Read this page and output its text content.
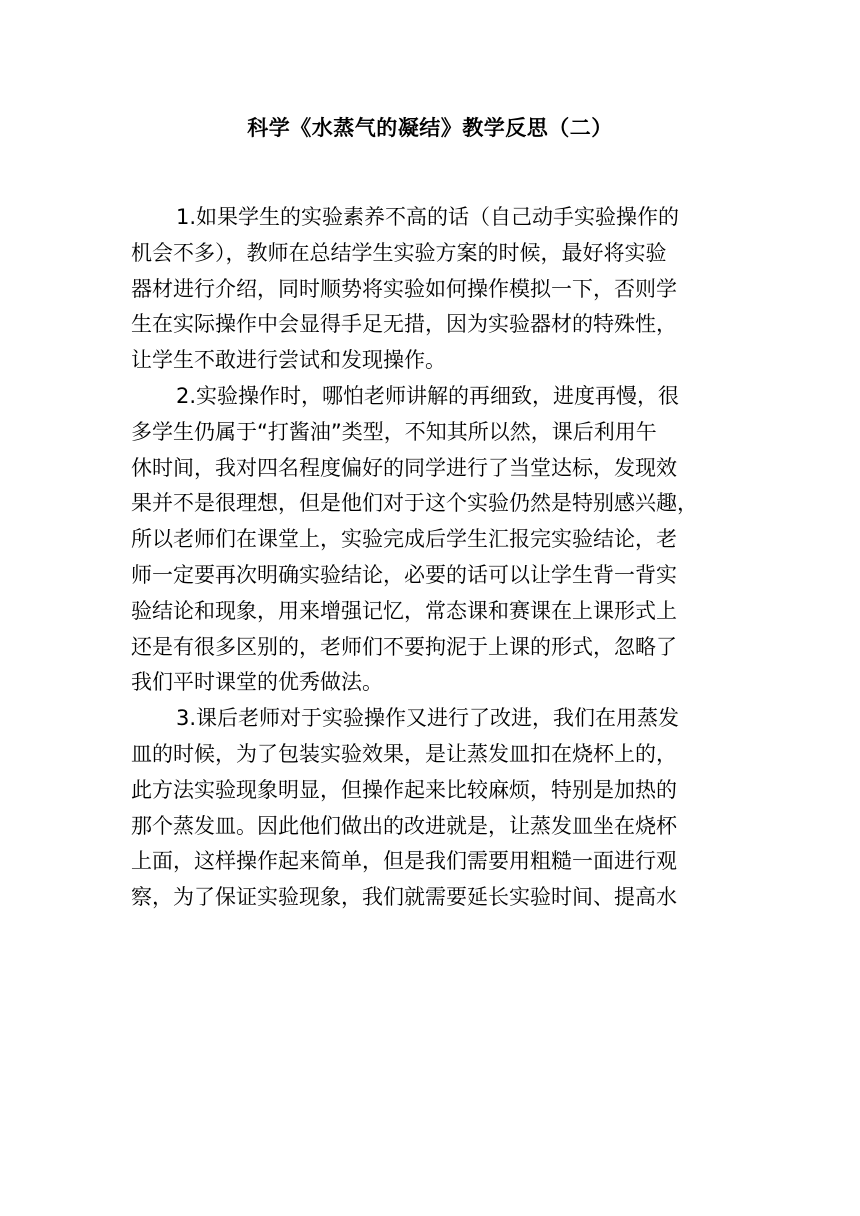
科学《水蒸气的凝结》教学反思（二）
1.如果学生的实验素养不高的话（自己动手实验操作的
机会不多），教师在总结学生实验方案的时候，最好将实验
器材进行介绍，同时顺势将实验如何操作模拟一下，否则学
生在实际操作中会显得手足无措，因为实验器材的特殊性，
让学生不敢进行尝试和发现操作。
2.实验操作时，哪怕老师讲解的再细致，进度再慢，很
多学生仍属于“打酱油”类型，不知其所以然，课后利用午
休时间，我对四名程度偏好的同学进行了当堂达标，发现效
果并不是很理想，但是他们对于这个实验仍然是特别感兴趣，
所以老师们在课堂上，实验完成后学生汇报完实验结论，老
师一定要再次明确实验结论，必要的话可以让学生背一背实
验结论和现象，用来增强记忆，常态课和赛课在上课形式上
还是有很多区别的，老师们不要拘泥于上课的形式，忽略了
我们平时课堂的优秀做法。
3.课后老师对于实验操作又进行了改进，我们在用蒸发
皿的时候，为了包装实验效果，是让蒸发皿扣在烧杯上的，
此方法实验现象明显，但操作起来比较麻烦，特别是加热的
那个蒸发皿。因此他们做出的改进就是，让蒸发皿坐在烧杯
上面，这样操作起来简单，但是我们需要用粗糙一面进行观
察，为了保证实验现象，我们就需要延长实验时间、提高水
